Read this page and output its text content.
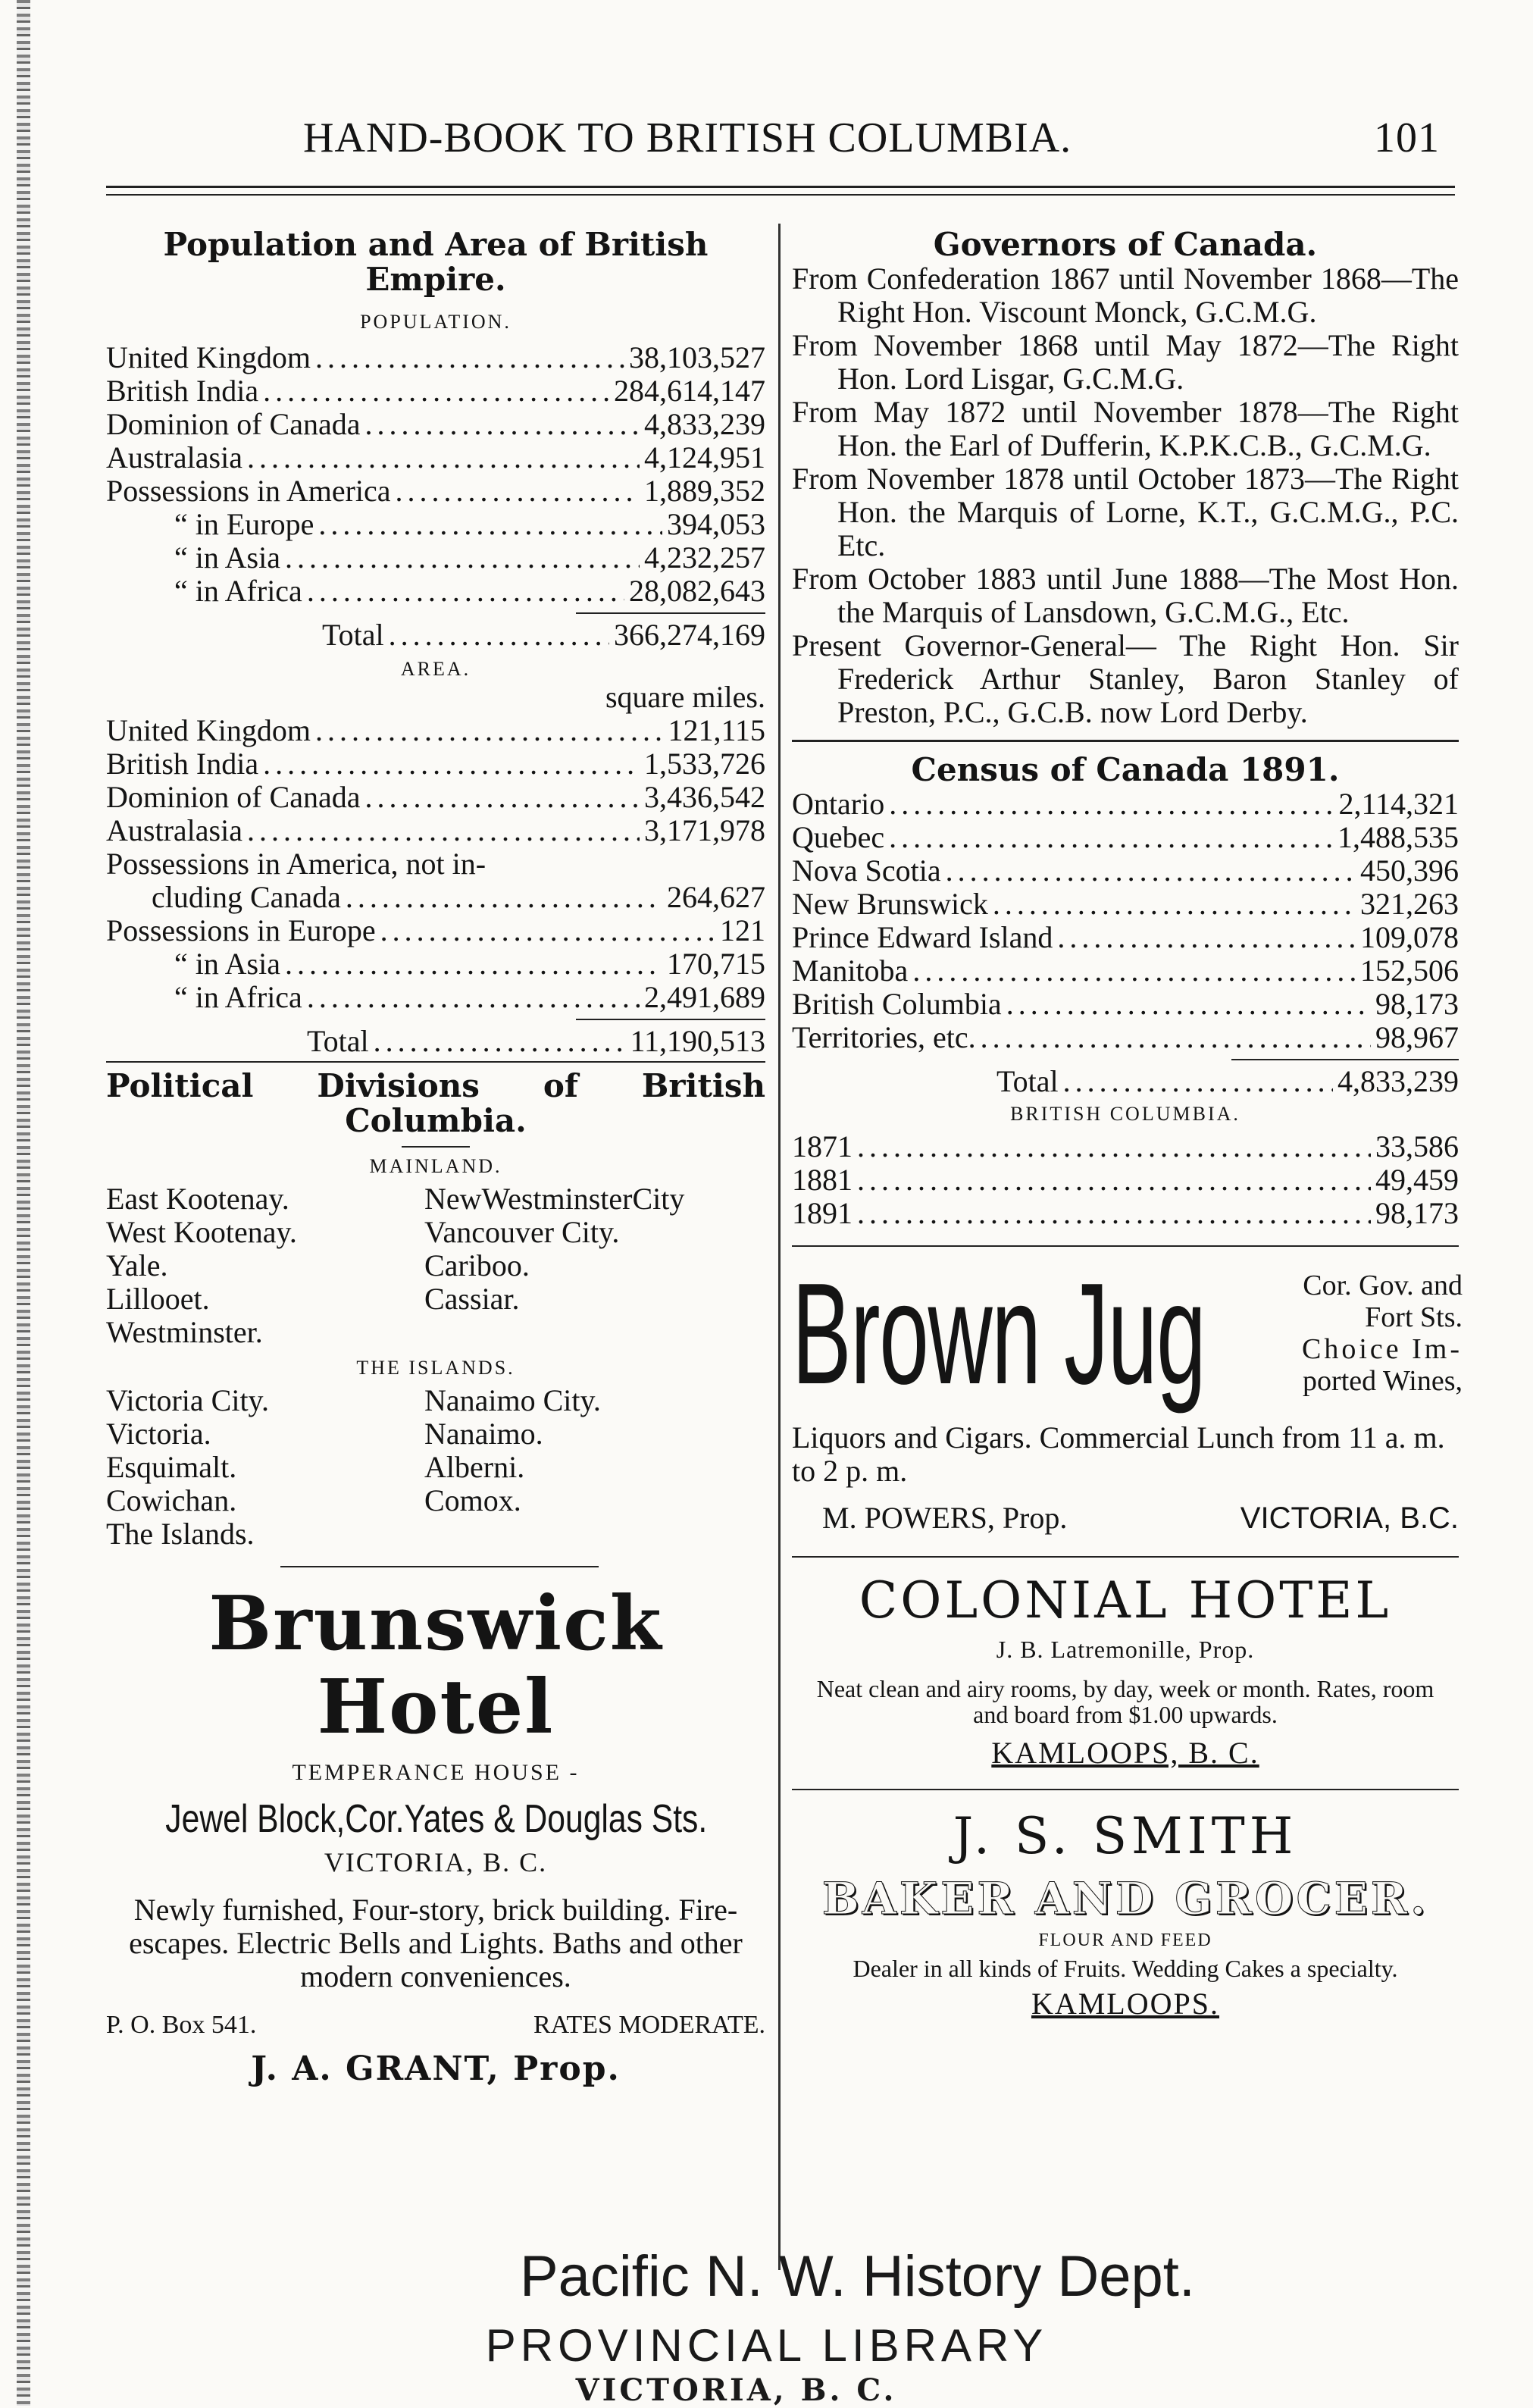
HAND-BOOK TO BRITISH COLUMBIA.	101
Population and Area of British Empire.
POPULATION.
United Kingdom .....	38,103,527
British India .....	284,614,147
Dominion of Canada .....	4,833,239
Australasia .....	4,124,951
Possessions in America .....	1,889,352
“ in Europe .....	394,053
“ in Asia .....	4,232,257
“ in Africa .....	28,082,643
Total .....	366,274,169
AREA.
square miles.
United Kingdom .....	121,115
British India .....	1,533,726
Dominion of Canada .....	3,436,542
Australasia .....	3,171,978
Possessions in America, not in-
cluding Canada .....	264,627
Possessions in Europe .....	121
“ in Asia .....	170,715
“ in Africa .....	2,491,689
Total .....	11,190,513
Political Divisions of British Columbia.
MAINLAND.
East Kootenay.	NewWestminsterCity
West Kootenay.	Vancouver City.
Yale.	Cariboo.
Lillooet.	Cassiar.
Westminster.
THE ISLANDS.
Victoria City.	Nanaimo City.
Victoria.	Nanaimo.
Esquimalt.	Alberni.
Cowichan.	Comox.
The Islands.
Brunswick Hotel
TEMPERANCE HOUSE -
Jewel Block,Cor.Yates & Douglas Sts.
VICTORIA, B. C.
Newly furnished, Four-story, brick building. Fire-escapes. Electric Bells and Lights. Baths and other modern conveniences.
P. O. Box 541.	RATES MODERATE.
J. A. GRANT, Prop.
Governors of Canada.
From Confederation 1867 until November 1868—The Right Hon. Viscount Monck, G.C.M.G.
From November 1868 until May 1872—The Right Hon. Lord Lisgar, G.C.M.G.
From May 1872 until November 1878—The Right Hon. the Earl of Dufferin, K.P.K.C.B., G.C.M.G.
From November 1878 until October 1873—The Right Hon. the Marquis of Lorne, K.T., G.C.M.G., P.C. Etc.
From October 1883 until June 1888—The Most Hon. the Marquis of Lansdown, G.C.M.G., Etc.
Present Governor-General— The Right Hon. Sir Frederick Arthur Stanley, Baron Stanley of Preston, P.C., G.C.B. now Lord Derby.
Census of Canada 1891.
Ontario .....	2,114,321
Quebec .....	1,488,535
Nova Scotia .....	450,396
New Brunswick .....	321,263
Prince Edward Island .....	109,078
Manitoba .....	152,506
British Columbia .....	98,173
Territories, etc. .....	98,967
Total .....	4,833,239
BRITISH COLUMBIA.
1871 .....	33,586
1881 .....	49,459
1891 .....	98,173
Brown Jug	Cor. Gov. and
Fort Sts.
Choice Im-
ported Wines,
Liquors and Cigars. Commercial Lunch from 11 a. m. to 2 p. m.
M. POWERS, Prop.	VICTORIA, B.C.
COLONIAL HOTEL
J. B. Latremonille, Prop.
Neat clean and airy rooms, by day, week or month. Rates, room and board from $1.00 upwards.
KAMLOOPS, B. C.
J. S. SMITH
BAKER AND GROCER.
FLOUR AND FEED
Dealer in all kinds of Fruits. Wedding Cakes a specialty.
KAMLOOPS.
Pacific N. W. History Dept.
PROVINCIAL LIBRARY
VICTORIA, B. C.
